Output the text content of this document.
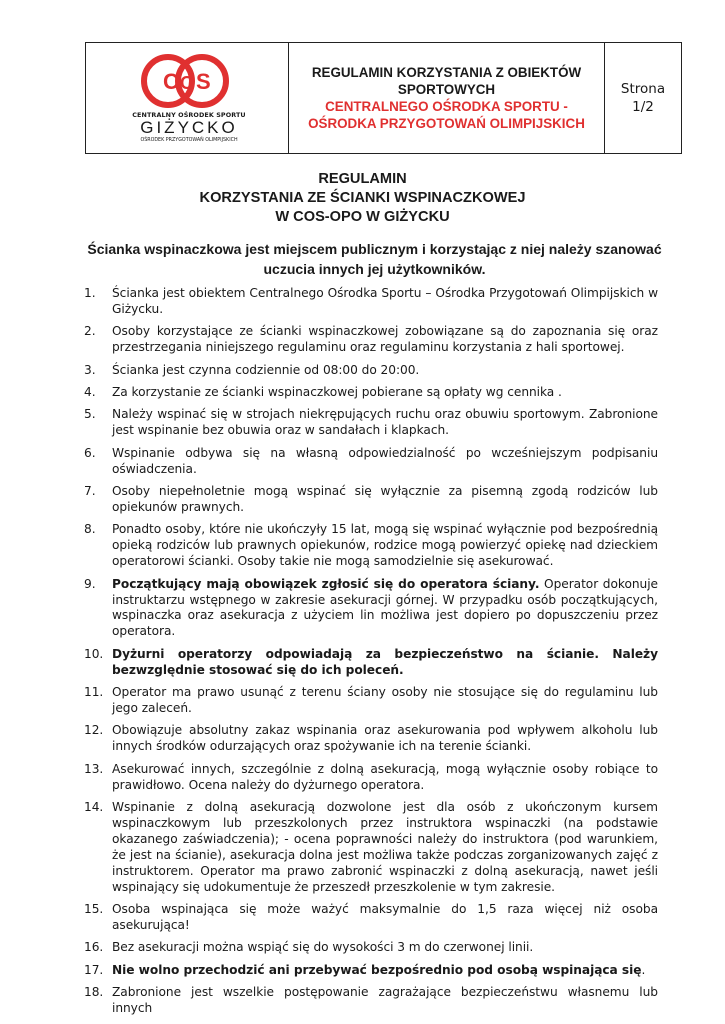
C O S
CENTRALNY OŚRODEK SPORTU
GIŻYCKO
OŚRODEK PRZYGOTOWAŃ OLIMPIJSKICH
REGULAMIN KORZYSTANIA Z OBIEKTÓW
SPORTOWYCH
CENTRALNEGO OŚRODKA SPORTU -
OŚRODKA PRZYGOTOWAŃ OLIMPIJSKICH
Strona
1/2
REGULAMIN
KORZYSTANIA ZE ŚCIANKI WSPINACZKOWEJ
W COS-OPO W GIŻYCKU
Ścianka wspinaczkowa jest miejscem publicznym i korzystając z niej należy szanować uczucia innych jej użytkowników.
1. Ścianka jest obiektem Centralnego Ośrodka Sportu – Ośrodka Przygotowań Olimpijskich w Giżycku.
2. Osoby korzystające ze ścianki wspinaczkowej zobowiązane są do zapoznania się oraz przestrzegania niniejszego regulaminu oraz regulaminu korzystania z hali sportowej.
3. Ścianka jest czynna codziennie od 08:00 do 20:00.
4. Za korzystanie ze ścianki wspinaczkowej pobierane są opłaty wg cennika .
5. Należy wspinać się w strojach niekrępujących ruchu oraz obuwiu sportowym. Zabronione jest wspinanie bez obuwia oraz w sandałach i klapkach.
6. Wspinanie odbywa się na własną odpowiedzialność po wcześniejszym podpisaniu oświadczenia.
7. Osoby niepełnoletnie mogą wspinać się wyłącznie za pisemną zgodą rodziców lub opiekunów prawnych.
8. Ponadto osoby, które nie ukończyły 15 lat, mogą się wspinać wyłącznie pod bezpośrednią opieką rodziców lub prawnych opiekunów, rodzice mogą powierzyć opiekę nad dzieckiem operatorowi ścianki. Osoby takie nie mogą samodzielnie się asekurować.
9. Początkujący mają obowiązek zgłosić się do operatora ściany. Operator dokonuje instruktarzu wstępnego w zakresie asekuracji górnej. W przypadku osób początkujących, wspinaczka oraz asekuracja z użyciem lin możliwa jest dopiero po dopuszczeniu przez operatora.
10. Dyżurni operatorzy odpowiadają za bezpieczeństwo na ścianie. Należy bezwzględnie stosować się do ich poleceń.
11. Operator ma prawo usunąć z terenu ściany osoby nie stosujące się do regulaminu lub jego zaleceń.
12. Obowiązuje absolutny zakaz wspinania oraz asekurowania pod wpływem alkoholu lub innych środków odurzających oraz spożywanie ich na terenie ścianki.
13. Asekurować innych, szczególnie z dolną asekuracją, mogą wyłącznie osoby robiące to prawidłowo. Ocena należy do dyżurnego operatora.
14. Wspinanie z dolną asekuracją dozwolone jest dla osób z ukończonym kursem wspinaczkowym lub przeszkolonych przez instruktora wspinaczki (na podstawie okazanego zaświadczenia); - ocena poprawności należy do instruktora (pod warunkiem, że jest na ścianie), asekuracja dolna jest możliwa także podczas zorganizowanych zajęć z instruktorem. Operator ma prawo zabronić wspinaczki z dolną asekuracją, nawet jeśli wspinający się udokumentuje że przeszedł przeszkolenie w tym zakresie.
15. Osoba wspinająca się może ważyć maksymalnie do 1,5 raza więcej niż osoba asekurująca!
16. Bez asekuracji można wspiąć się do wysokości 3 m do czerwonej linii.
17. Nie wolno przechodzić ani przebywać bezpośrednio pod osobą wspinająca się.
18. Zabronione jest wszelkie postępowanie zagrażające bezpieczeństwu własnemu lub innych
